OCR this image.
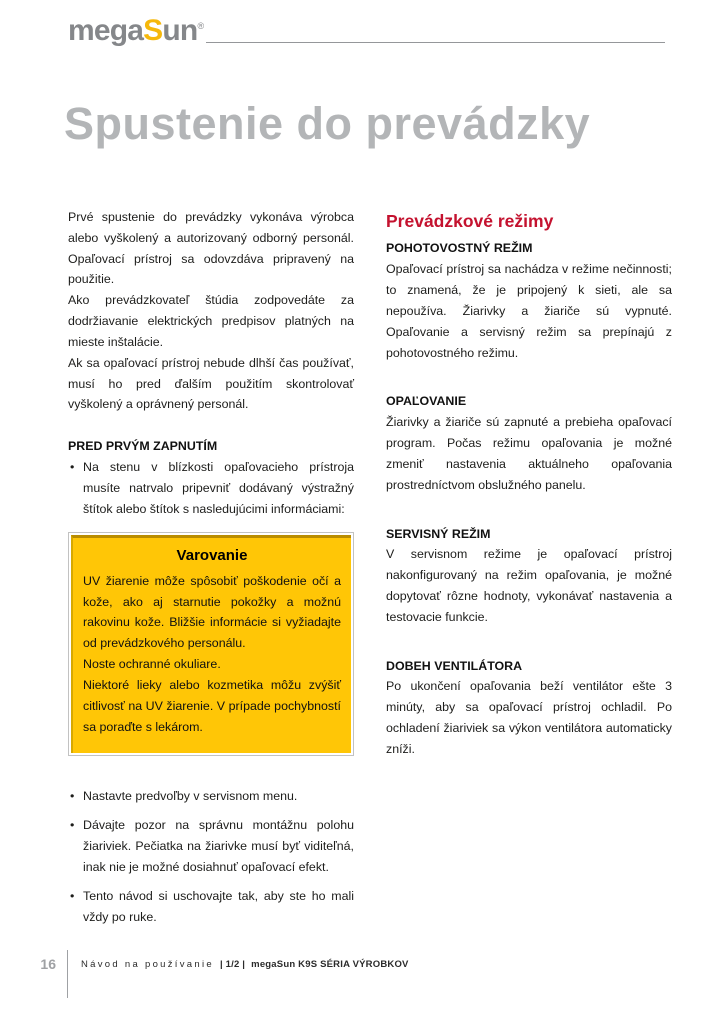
megaSun®
Spustenie do prevádzky

Prvé spustenie do prevádzky vykonáva výrobca alebo vyškolený a autorizovaný odborný personál. Opaľovací prístroj sa odovzdáva pripravený na použitie.

Ako prevádzkovateľ štúdia zodpovedáte za dodržiavanie elektrických predpisov platných na mieste inštalácie.

Ak sa opaľovací prístroj nebude dlhší čas používať, musí ho pred ďalším použitím skontrolovať vyškolený a oprávnený personál.

PRED PRVÝM ZAPNUTÍM
• Na stenu v blízkosti opaľovacieho prístroja musíte natrvalo pripevniť dodávaný výstražný štítok alebo štítok s nasledujúcimi informáciami:
Varovanie

UV žiarenie môže spôsobiť poškodenie očí a kože, ako aj starnutie pokožky a možnú rakovinu kože. Bližšie informácie si vyžiadajte od prevádzkového personálu.

Noste ochranné okuliare.

Niektoré lieky alebo kozmetika môžu zvýšiť citlivosť na UV žiarenie. V prípade pochybností sa poraďte s lekárom.

• Nastavte predvoľby v servisnom menu.
• Dávajte pozor na správnu montážnu polohu žiariviek. Pečiatka na žiarivke musí byť viditeľná, inak nie je možné dosiahnuť opaľovací efekt.
• Tento návod si uschovajte tak, aby ste ho mali vždy po ruke.
Prevádzkové režimy
POHOTOVOSTNÝ REŽIM

Opaľovací prístroj sa nachádza v režime nečinnosti; to znamená, že je pripojený k sieti, ale sa nepoužíva. Žiarivky a žiariče sú vypnuté. Opaľovanie a servisný režim sa prepínajú z pohotovostného režimu.

OPAĽOVANIE

Žiarivky a žiariče sú zapnuté a prebieha opaľovací program. Počas režimu opaľovania je možné zmeniť nastavenia aktuálneho opaľovania prostredníctvom obslužného panelu.

SERVISNÝ REŽIM

V servisnom režime je opaľovací prístroj nakonfigurovaný na režim opaľovania, je možné dopytovať rôzne hodnoty, vykonávať nastavenia a testovacie funkcie.

DOBEH VENTILÁTORA

Po ukončení opaľovania beží ventilátor ešte 3 minúty, aby sa opaľovací prístroj ochladil. Po ochladení žiariviek sa výkon ventilátora automaticky zníži.

16	Návod na používanie | 1/2 | megaSun K9S SÉRIA VÝROBKOV
